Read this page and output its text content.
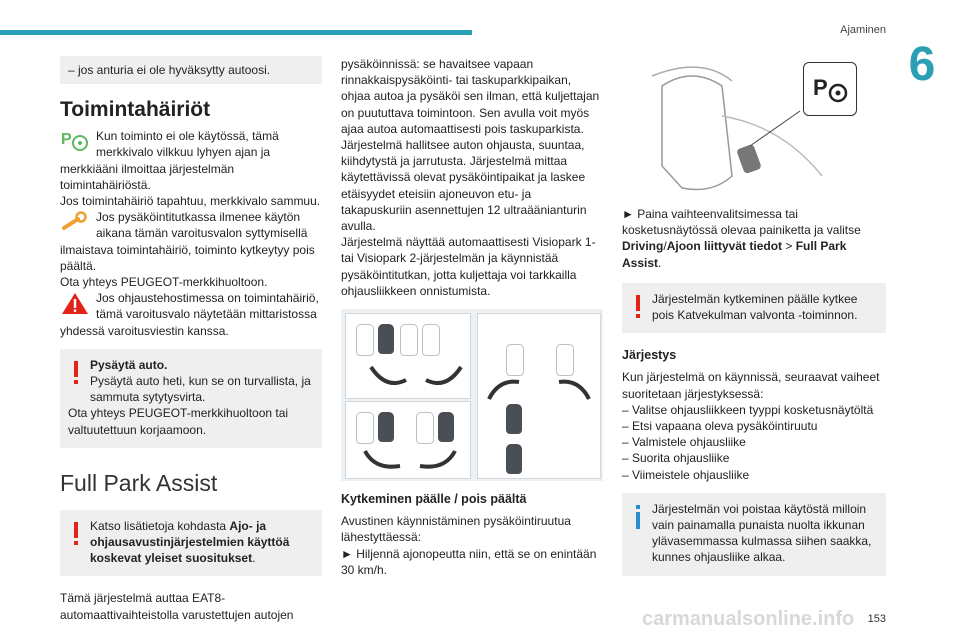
Ajaminen
6
– jos anturia ei ole hyväksytty autoosi.
Toimintahäiriöt
P Kun toiminto ei ole käytössä, tämä merkkivalo vilkkuu lyhyen ajan ja merkkiääni ilmoittaa järjestelmän toimintahäiriöstä.
Jos toimintahäiriö tapahtuu, merkkivalo sammuu.
Jos pysäköintitutkassa ilmenee käytön aikana tämän varoitusvalon syttymisellä ilmaistava toimintahäiriö, toiminto kytkeytyy pois päältä.
Ota yhteys PEUGEOT-merkkihuoltoon.
Jos ohjaustehostimessa on toimintahäiriö, tämä varoitusvalo näytetään mittaristossa yhdessä varoitusviestin kanssa.
Pysäytä auto.
Pysäytä auto heti, kun se on turvallista, ja sammuta sytytysvirta.
Ota yhteys PEUGEOT-merkkihuoltoon tai valtuutettuun korjaamoon.
Full Park Assist
Katso lisätietoja kohdasta Ajo- ja ohjausavustinjärjestelmien käyttöä koskevat yleiset suositukset.
Tämä järjestelmä auttaa EAT8-automaattivaihteistolla varustettujen autojen
pysäköinnissä: se havaitsee vapaan rinnakkaispysäköinti- tai taskuparkkipaikan, ohjaa autoa ja pysäköi sen ilman, että kuljettajan on puututtava toimintoon. Sen avulla voit myös ajaa autoa automaattisesti pois taskuparkista.
Järjestelmä hallitsee auton ohjausta, suuntaa, kiihdytystä ja jarrutusta. Järjestelmä mittaa käytettävissä olevat pysäköintipaikat ja laskee etäisyydet eteisiin ajoneuvon etu- ja takapuskuriin asennettujen 12 ultraäänianturin avulla.
Järjestelmä näyttää automaattisesti Visiopark 1- tai Visiopark 2-järjestelmän ja käynnistää pysäköintitutkan, jotta kuljettaja voi tarkkailla ohjausliikkeen onnistumista.
Kytkeminen päälle / pois päältä
Avustinen käynnistäminen pysäköintiruutua lähestyttäessä:
► Hiljennä ajonopeutta niin, että se on enintään 30 km/h.
P
► Paina vaihteenvalitsimessa tai kosketusnäytössä olevaa painiketta ja valitse Driving/Ajoon liittyvät tiedot > Full Park Assist.
Järjestelmän kytkeminen päälle kytkee pois Katvekulman valvonta -toiminnon.
Järjestys
Kun järjestelmä on käynnissä, seuraavat vaiheet suoritetaan järjestyksessä:
– Valitse ohjausliikkeen tyyppi kosketusnäytöltä
– Etsi vapaana oleva pysäköintiruutu
– Valmistele ohjausliike
– Suorita ohjausliike
– Viimeistele ohjausliike
Järjestelmän voi poistaa käytöstä milloin vain painamalla punaista nuolta ikkunan ylävasemmassa kulmassa siihen saakka, kunnes ohjausliike alkaa.
153
carmanualsonline.info
